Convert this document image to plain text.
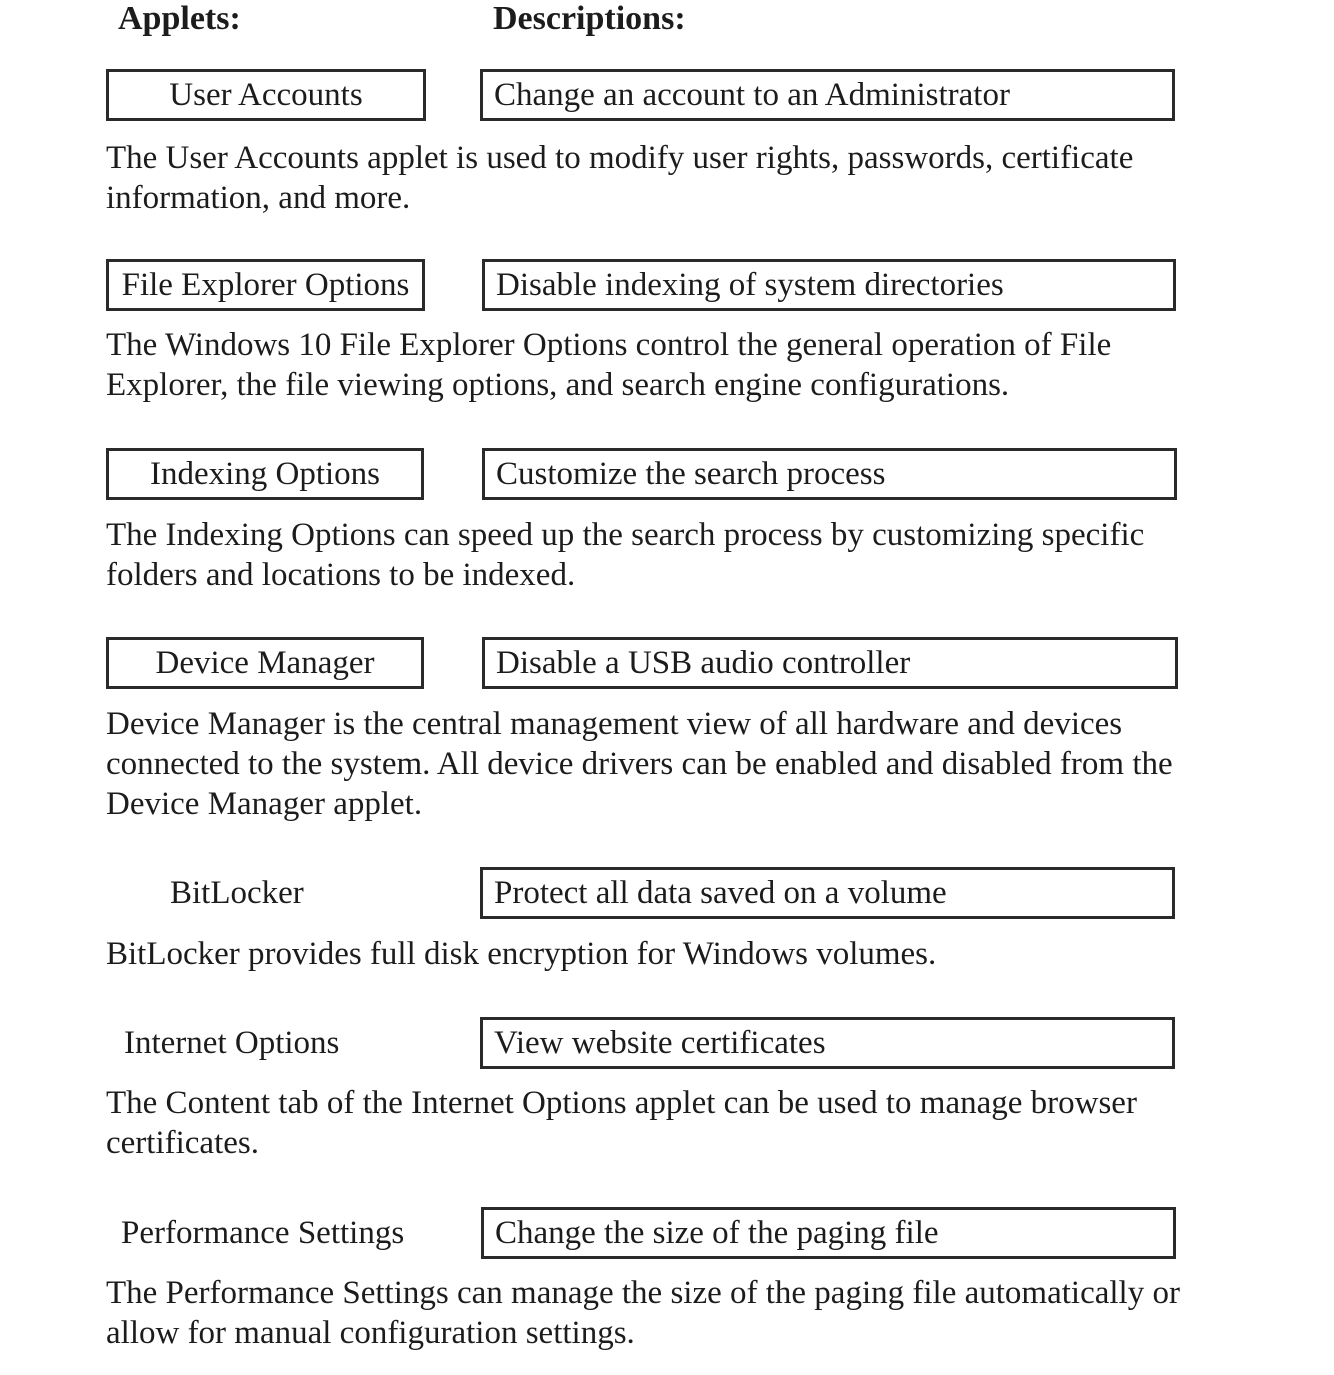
Applets:	Descriptions:
User Accounts	Change an account to an Administrator

The User Accounts applet is used to modify user rights, passwords, certificate information, and more.

File Explorer Options	Disable indexing of system directories

The Windows 10 File Explorer Options control the general operation of File Explorer, the file viewing options, and search engine configurations.

Indexing Options	Customize the search process

The Indexing Options can speed up the search process by customizing specific folders and locations to be indexed.

Device Manager	Disable a USB audio controller

Device Manager is the central management view of all hardware and devices connected to the system. All device drivers can be enabled and disabled from the Device Manager applet.

BitLocker	Protect all data saved on a volume

BitLocker provides full disk encryption for Windows volumes.

Internet Options	View website certificates

The Content tab of the Internet Options applet can be used to manage browser certificates.

Performance Settings	Change the size of the paging file

The Performance Settings can manage the size of the paging file automatically or allow for manual configuration settings.
